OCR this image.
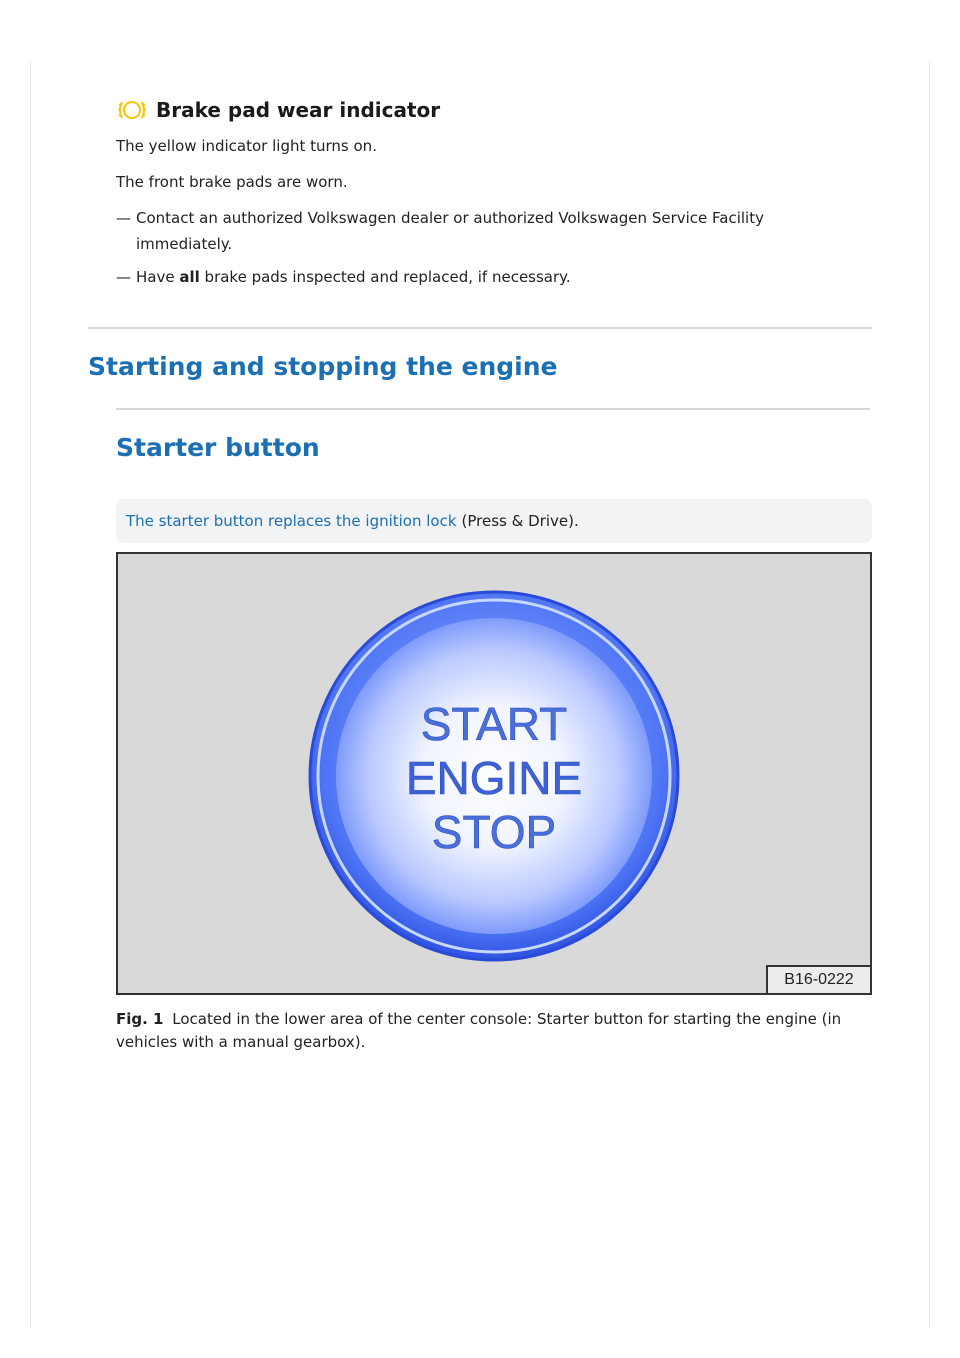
Brake pad wear indicator
The yellow indicator light turns on.
The front brake pads are worn.
— Contact an authorized Volkswagen dealer or authorized Volkswagen Service Facility
immediately.
— Have all brake pads inspected and replaced, if necessary.
Starting and stopping the engine
Starter button
The starter button replaces the ignition lock (Press & Drive).
START
ENGINE
STOP
B16-0222
Fig. 1 Located in the lower area of the center console: Starter button for starting the engine (in vehicles with a manual gearbox).
